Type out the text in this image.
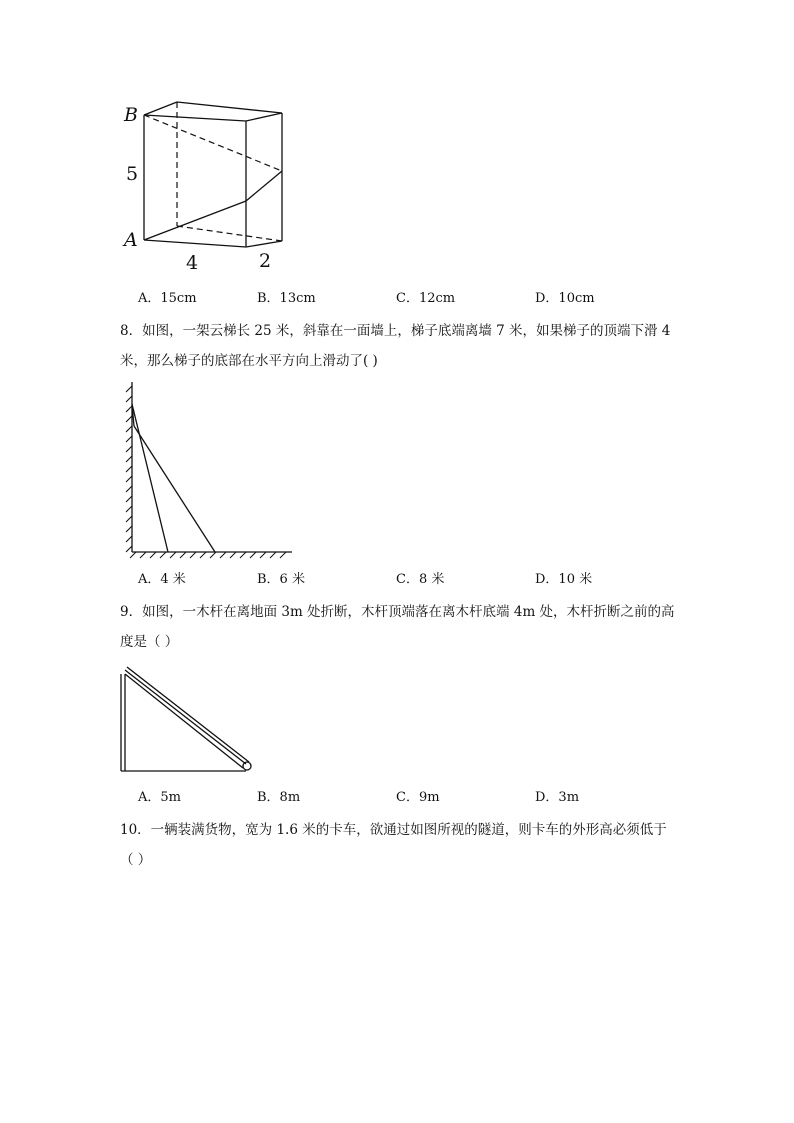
B
A
5
4	2
A．15cm	B．13cm	C．12cm	D．10cm
8．如图，一架云梯长 25 米，斜靠在一面墙上，梯子底端离墙 7 米，如果梯子的顶端下滑 4 米，那么梯子的底部在水平方向上滑动了( )
A．4 米	B．6 米	C．8 米	D．10 米
9．如图，一木杆在离地面 3m 处折断，木杆顶端落在离木杆底端 4m 处，木杆折断之前的高度是（ ）
A．5m	B．8m	C．9m	D．3m
10．一辆装满货物，宽为 1.6 米的卡车，欲通过如图所视的隧道，则卡车的外形高必须低于（ ）
